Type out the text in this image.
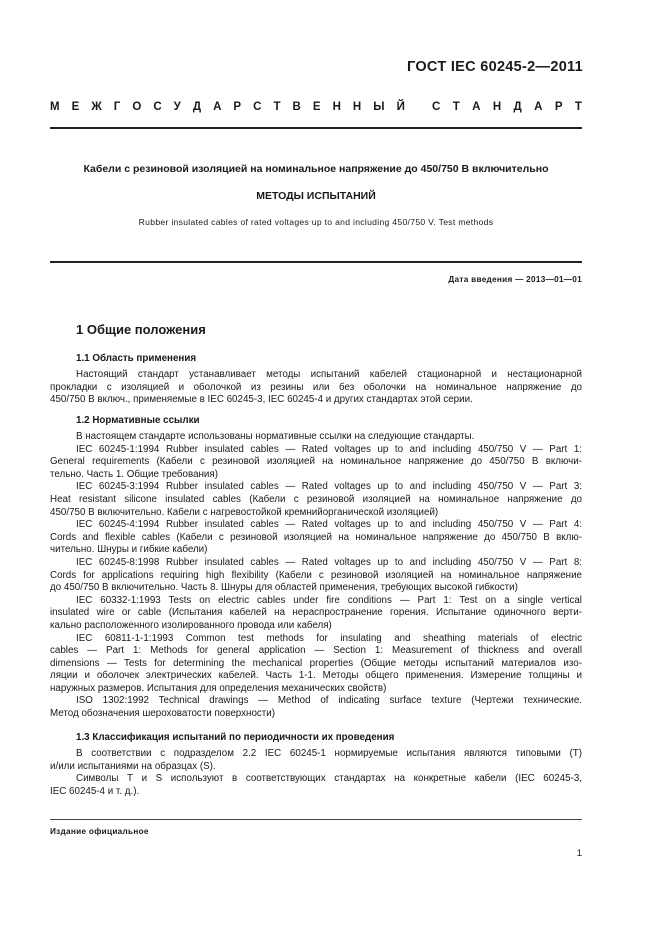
ГОСТ IEC 60245-2—2011
М Е Ж Г О С У Д А Р С Т В Е Н Н Ы Й С Т А Н Д А Р Т
Кабели с резиновой изоляцией на номинальное напряжение до 450/750 В включительно
МЕТОДЫ ИСПЫТАНИЙ
Rubber insulated cables of rated voltages up to and including 450/750 V. Test methods
Дата введения — 2013—01—01
1 Общие положения
1.1 Область применения
Настоящий стандарт устанавливает методы испытаний кабелей стационарной и нестационарной
прокладки с изоляцией и оболочкой из резины или без оболочки на номинальное напряжение до
450/750 В включ., применяемые в IEC 60245-3, IEC 60245-4 и других стандартах этой серии.
1.2 Нормативные ссылки
В настоящем стандарте использованы нормативные ссылки на следующие стандарты.
IEC 60245-1:1994 Rubber insulated cables — Rated voltages up to and including 450/750 V — Part 1:
General requirements (Кабели с резиновой изоляцией на номинальное напряжение до 450/750 В включи-
тельно. Часть 1. Общие требования)
IEC 60245-3:1994 Rubber insulated cables — Rated voltages up to and including 450/750 V — Part 3:
Heat resistant silicone insulated cables (Кабели с резиновой изоляцией на номинальное напряжение до
450/750 В включительно. Кабели с нагревостойкой кремнийорганической изоляцией)
IEC 60245-4:1994 Rubber insulated cables — Rated voltages up to and including 450/750 V — Part 4:
Cords and flexible cables (Кабели с резиновой изоляцией на номинальное напряжение до 450/750 В вклю-
чительно. Шнуры и гибкие кабели)
IEC 60245-8:1998 Rubber insulated cables — Rated voltages up to and including 450/750 V — Part 8:
Cords for applications requiring high flexibility (Кабели с резиновой изоляцией на номинальное напряжение
до 450/750 В включительно. Часть 8. Шнуры для областей применения, требующих высокой гибкости)
IEC 60332-1:1993 Tests on electric cables under fire conditions — Part 1: Test on a single vertical
insulated wire or cable (Испытания кабелей на нераспространение горения. Испытание одиночного верти-
кально расположенного изолированного провода или кабеля)
IEC 60811-1-1:1993 Common test methods for insulating and sheathing materials of electric
cables — Part 1: Methods for general application — Section 1: Measurement of thickness and overall
dimensions — Tests for determining the mechanical properties (Общие методы испытаний материалов изо-
ляции и оболочек электрических кабелей. Часть 1-1. Методы общего применения. Измерение толщины и
наружных размеров. Испытания для определения механических свойств)
ISO 1302:1992 Technical drawings — Method of indicating surface texture (Чертежи технические.
Метод обозначения шероховатости поверхности)
1.3 Классификация испытаний по периодичности их проведения
В соответствии с подразделом 2.2 IEC 60245-1 нормируемые испытания являются типовыми (Т)
и/или испытаниями на образцах (S).
Символы Т и S используют в соответствующих стандартах на конкретные кабели (IEC 60245-3,
IEC 60245-4 и т. д.).
Издание официальное
1
